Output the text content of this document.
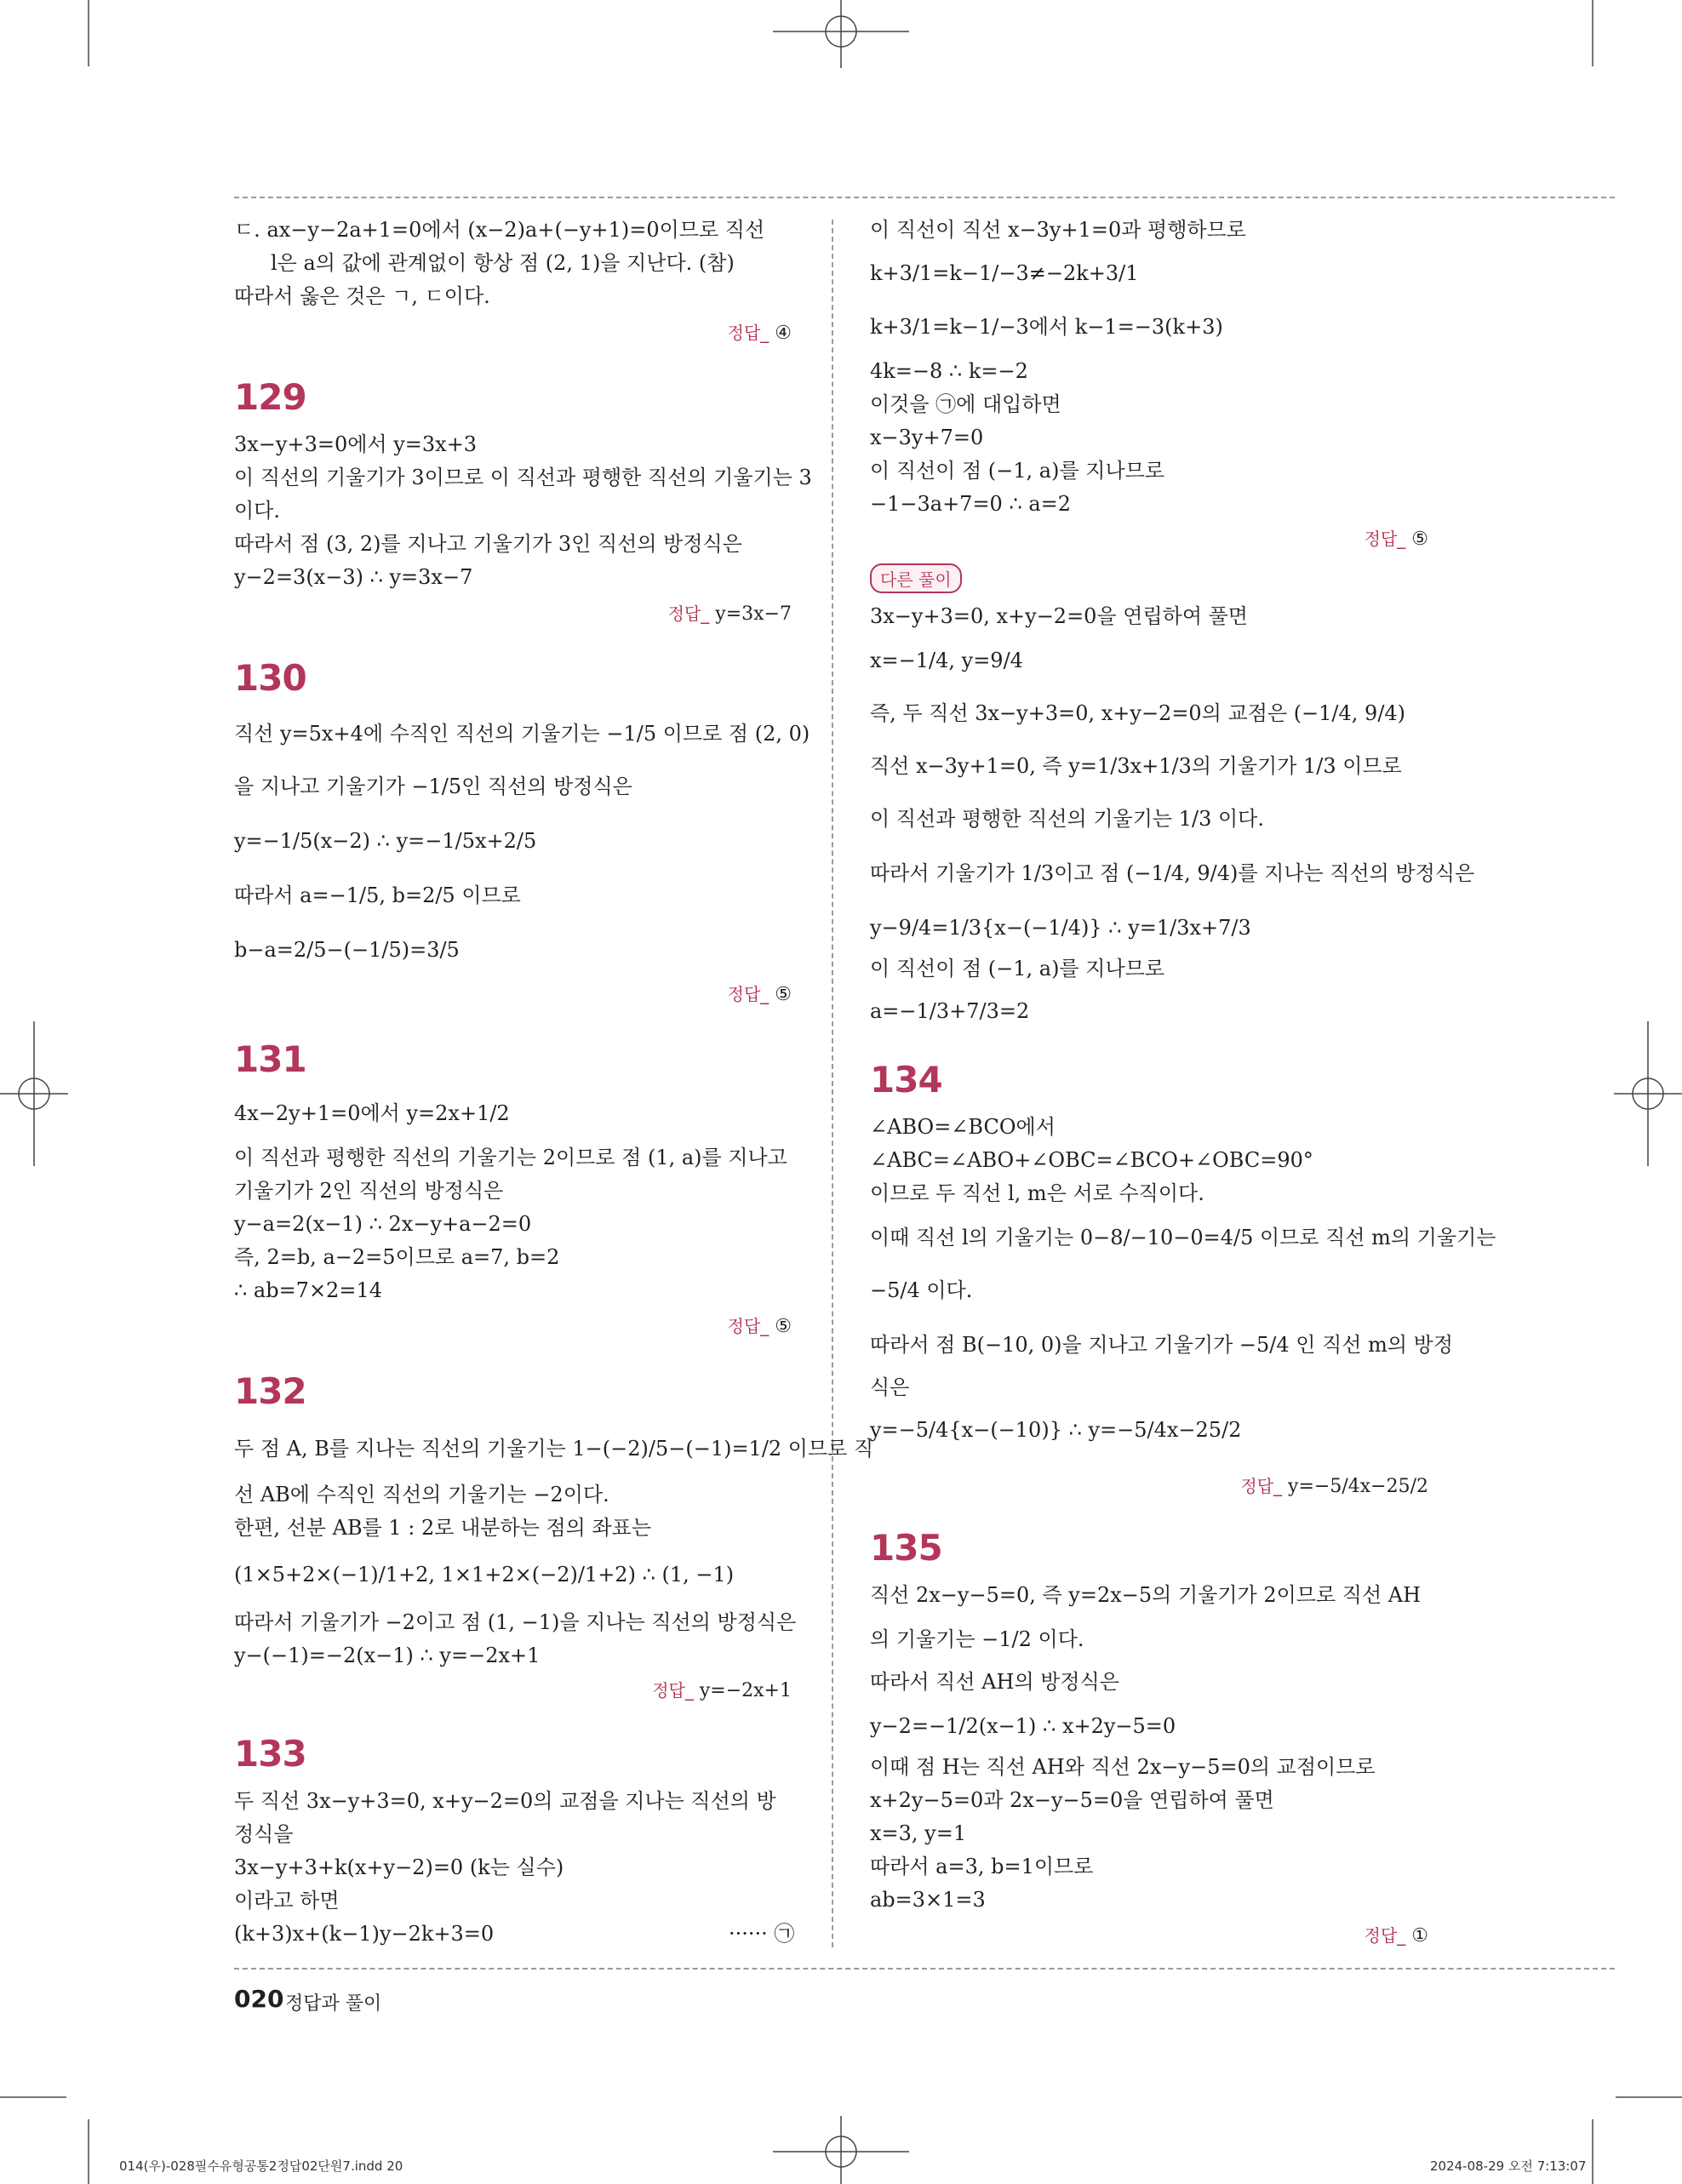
ㄷ. ax−y−2a+1=0에서 (x−2)a+(−y+1)=0이므로 직선
l은 a의 값에 관계없이 항상 점 (2, 1)을 지난다. (참)
따라서 옳은 것은 ㄱ, ㄷ이다.
정답_ ④
129
3x−y+3=0에서 y=3x+3
이 직선의 기울기가 3이므로 이 직선과 평행한 직선의 기울기는 3
이다.
따라서 점 (3, 2)를 지나고 기울기가 3인 직선의 방정식은
y−2=3(x−3) ∴ y=3x−7
정답_ y=3x−7
130
직선 y=5x+4에 수직인 직선의 기울기는 −1/5 이므로 점 (2, 0)
을 지나고 기울기가 −1/5인 직선의 방정식은
y=−1/5(x−2) ∴ y=−1/5x+2/5
따라서 a=−1/5, b=2/5 이므로
b−a=2/5−(−1/5)=3/5
정답_ ⑤
131
4x−2y+1=0에서 y=2x+1/2
이 직선과 평행한 직선의 기울기는 2이므로 점 (1, a)를 지나고
기울기가 2인 직선의 방정식은
y−a=2(x−1) ∴ 2x−y+a−2=0
즉, 2=b, a−2=5이므로 a=7, b=2
∴ ab=7×2=14
정답_ ⑤
132
두 점 A, B를 지나는 직선의 기울기는 1−(−2)/5−(−1)=1/2 이므로 직
선 AB에 수직인 직선의 기울기는 −2이다.
한편, 선분 AB를 1 : 2로 내분하는 점의 좌표는
(1×5+2×(−1)/1+2, 1×1+2×(−2)/1+2) ∴ (1, −1)
따라서 기울기가 −2이고 점 (1, −1)을 지나는 직선의 방정식은
y−(−1)=−2(x−1) ∴ y=−2x+1
정답_ y=−2x+1
133
두 직선 3x−y+3=0, x+y−2=0의 교점을 지나는 직선의 방
정식을
3x−y+3+k(x+y−2)=0 (k는 실수)
이라고 하면
(k+3)x+(k−1)y−2k+3=0	······ ㉠
이 직선이 직선 x−3y+1=0과 평행하므로
k+3/1=k−1/−3≠−2k+3/1
k+3/1=k−1/−3에서 k−1=−3(k+3)
4k=−8 ∴ k=−2
이것을 ㉠에 대입하면
x−3y+7=0
이 직선이 점 (−1, a)를 지나므로
−1−3a+7=0 ∴ a=2
정답_ ⑤
다른 풀이
3x−y+3=0, x+y−2=0을 연립하여 풀면
x=−1/4, y=9/4
즉, 두 직선 3x−y+3=0, x+y−2=0의 교점은 (−1/4, 9/4)
직선 x−3y+1=0, 즉 y=1/3x+1/3의 기울기가 1/3 이므로
이 직선과 평행한 직선의 기울기는 1/3 이다.
따라서 기울기가 1/3이고 점 (−1/4, 9/4)를 지나는 직선의 방정식은
y−9/4=1/3{x−(−1/4)} ∴ y=1/3x+7/3
이 직선이 점 (−1, a)를 지나므로
a=−1/3+7/3=2
134
∠ABO=∠BCO에서
∠ABC=∠ABO+∠OBC=∠BCO+∠OBC=90°
이므로 두 직선 l, m은 서로 수직이다.
이때 직선 l의 기울기는 0−8/−10−0=4/5 이므로 직선 m의 기울기는
−5/4 이다.
따라서 점 B(−10, 0)을 지나고 기울기가 −5/4 인 직선 m의 방정
식은
y=−5/4{x−(−10)} ∴ y=−5/4x−25/2
정답_ y=−5/4x−25/2
135
직선 2x−y−5=0, 즉 y=2x−5의 기울기가 2이므로 직선 AH
의 기울기는 −1/2 이다.
따라서 직선 AH의 방정식은
y−2=−1/2(x−1) ∴ x+2y−5=0
이때 점 H는 직선 AH와 직선 2x−y−5=0의 교점이므로
x+2y−5=0과 2x−y−5=0을 연립하여 풀면
x=3, y=1
따라서 a=3, b=1이므로
ab=3×1=3
정답_ ①
020 정답과 풀이
014(우)-028필수유형공통2정답02단원7.indd 20	2024-08-29 오전 7:13:07
